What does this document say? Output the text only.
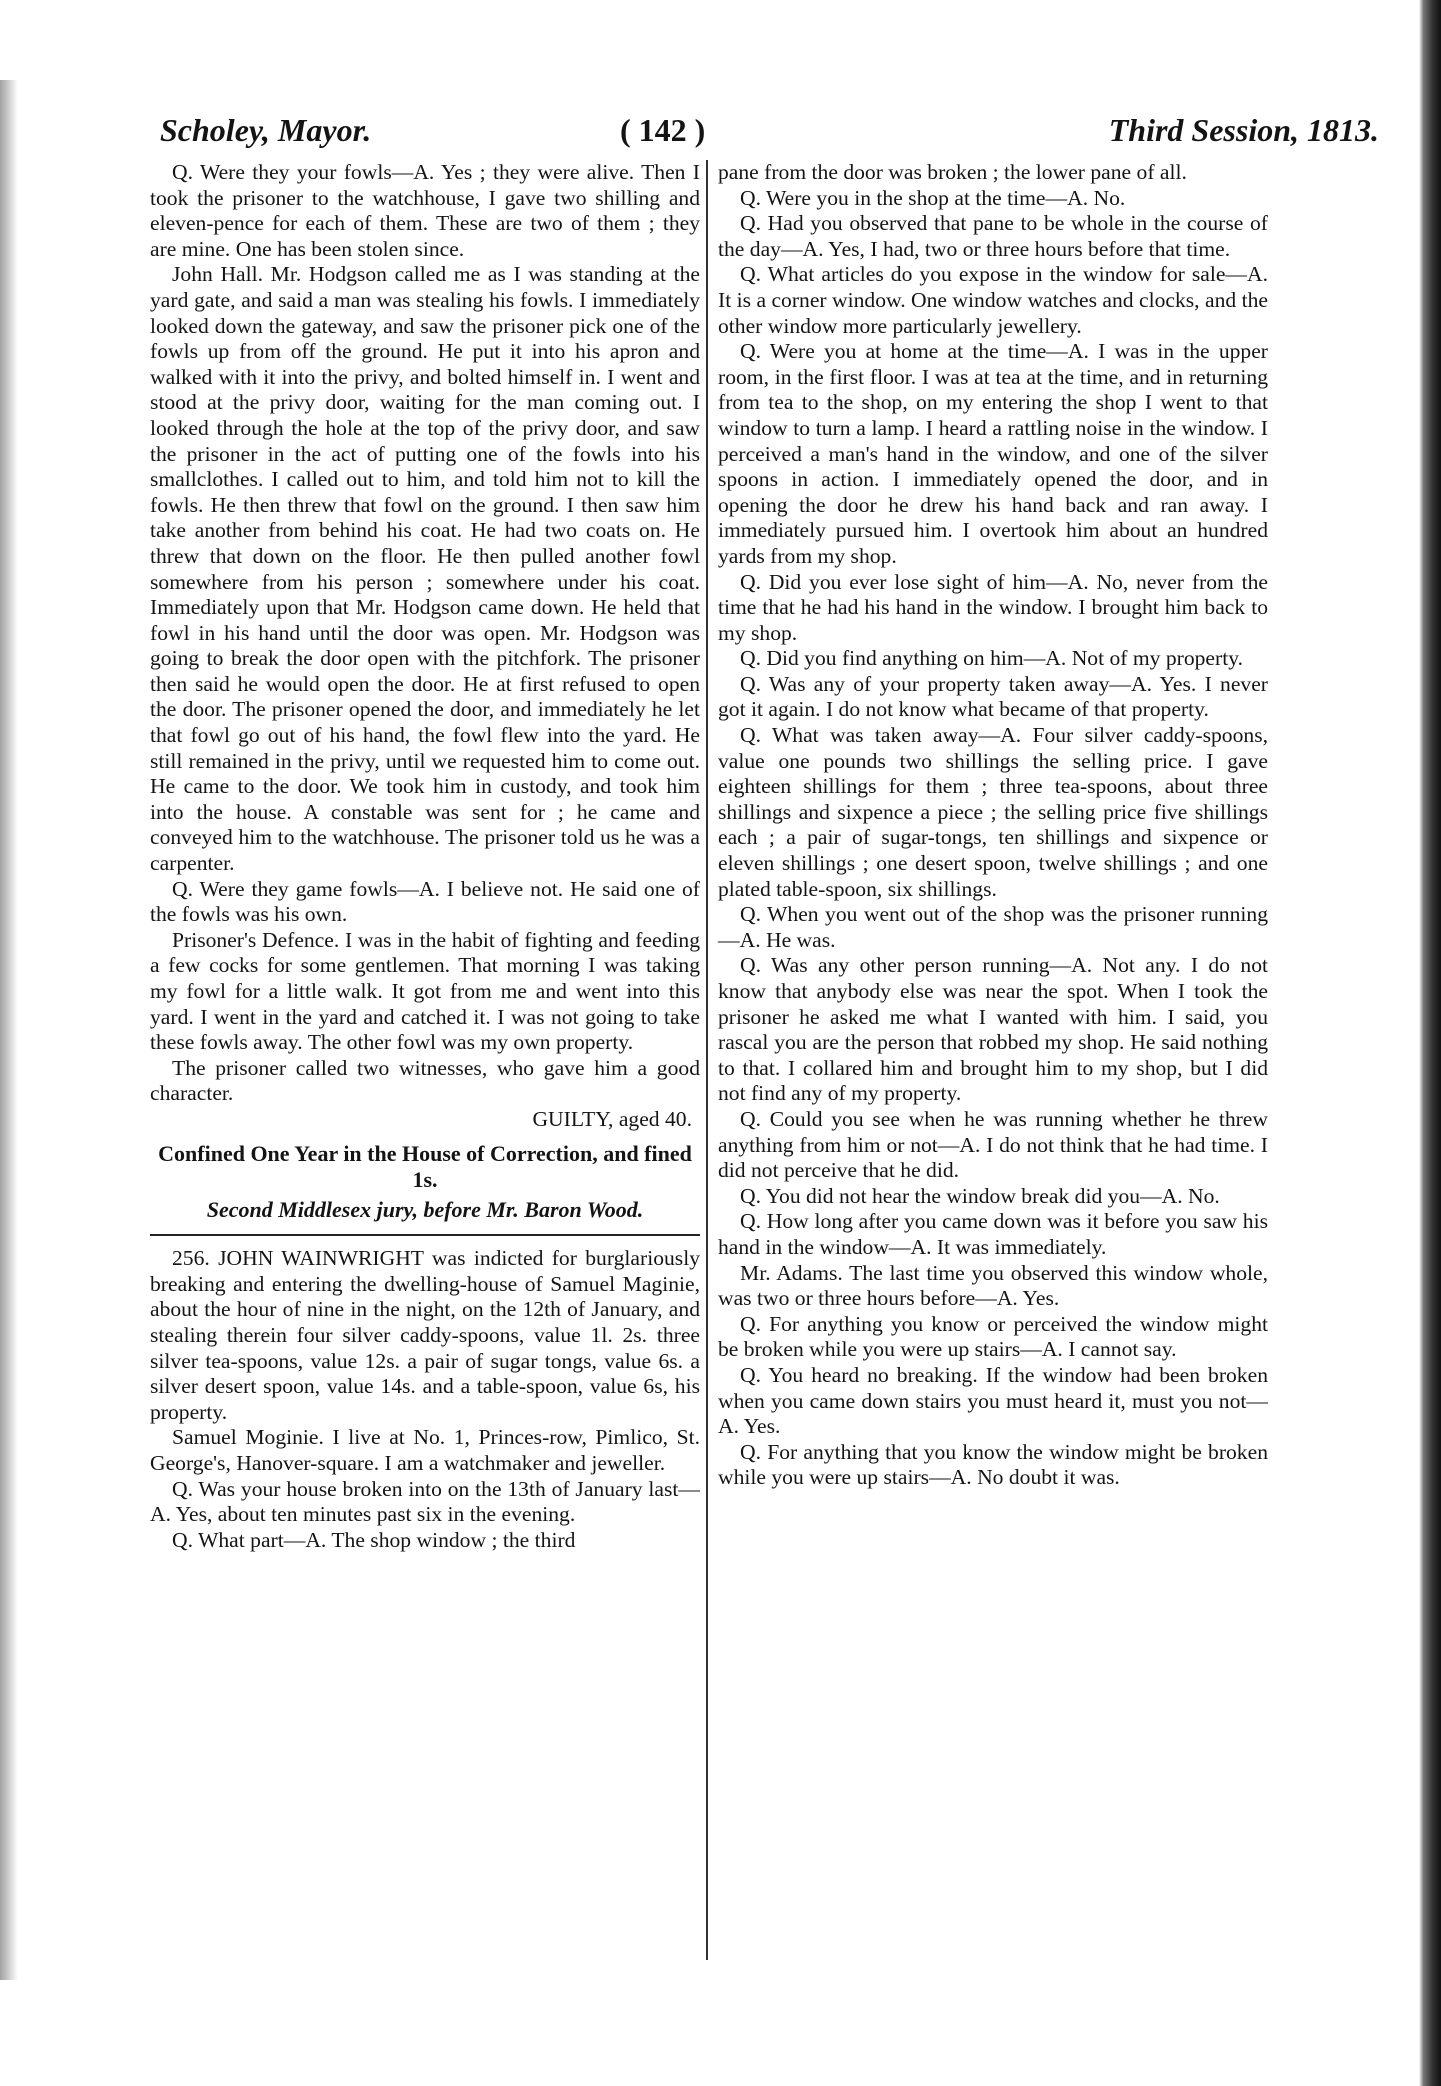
Scholey, Mayor.	( 142 )	Third Session, 1813.

Q. Were they your fowls—A. Yes ; they were alive. Then I took the prisoner to the watchhouse, I gave two shilling and eleven-pence for each of them. These are two of them ; they are mine. One has been stolen since.

John Hall. Mr. Hodgson called me as I was standing at the yard gate, and said a man was stealing his fowls. I immediately looked down the gateway, and saw the prisoner pick one of the fowls up from off the ground. He put it into his apron and walked with it into the privy, and bolted himself in. I went and stood at the privy door, waiting for the man coming out. I looked through the hole at the top of the privy door, and saw the prisoner in the act of putting one of the fowls into his smallclothes. I called out to him, and told him not to kill the fowls. He then threw that fowl on the ground. I then saw him take another from behind his coat. He had two coats on. He threw that down on the floor. He then pulled another fowl somewhere from his person ; somewhere under his coat. Immediately upon that Mr. Hodgson came down. He held that fowl in his hand until the door was open. Mr. Hodgson was going to break the door open with the pitchfork. The prisoner then said he would open the door. He at first refused to open the door. The prisoner opened the door, and immediately he let that fowl go out of his hand, the fowl flew into the yard. He still remained in the privy, until we requested him to come out. He came to the door. We took him in custody, and took him into the house. A constable was sent for ; he came and conveyed him to the watchhouse. The prisoner told us he was a carpenter.

Q. Were they game fowls—A. I believe not. He said one of the fowls was his own.

Prisoner's Defence. I was in the habit of fighting and feeding a few cocks for some gentlemen. That morning I was taking my fowl for a little walk. It got from me and went into this yard. I went in the yard and catched it. I was not going to take these fowls away. The other fowl was my own property.

The prisoner called two witnesses, who gave him a good character.

GUILTY, aged 40.

Confined One Year in the House of Correction, and fined 1s.

Second Middlesex jury, before Mr. Baron Wood.

256. JOHN WAINWRIGHT was indicted for burglariously breaking and entering the dwelling-house of Samuel Maginie, about the hour of nine in the night, on the 12th of January, and stealing therein four silver caddy-spoons, value 1l. 2s. three silver tea-spoons, value 12s. a pair of sugar tongs, value 6s. a silver desert spoon, value 14s. and a table-spoon, value 6s, his property.

Samuel Moginie. I live at No. 1, Princes-row, Pimlico, St. George's, Hanover-square. I am a watchmaker and jeweller.

Q. Was your house broken into on the 13th of January last—A. Yes, about ten minutes past six in the evening.

Q. What part—A. The shop window ; the third

pane from the door was broken ; the lower pane of all.

Q. Were you in the shop at the time—A. No.

Q. Had you observed that pane to be whole in the course of the day—A. Yes, I had, two or three hours before that time.

Q. What articles do you expose in the window for sale—A. It is a corner window. One window watches and clocks, and the other window more particularly jewellery.

Q. Were you at home at the time—A. I was in the upper room, in the first floor. I was at tea at the time, and in returning from tea to the shop, on my entering the shop I went to that window to turn a lamp. I heard a rattling noise in the window. I perceived a man's hand in the window, and one of the silver spoons in action. I immediately opened the door, and in opening the door he drew his hand back and ran away. I immediately pursued him. I overtook him about an hundred yards from my shop.

Q. Did you ever lose sight of him—A. No, never from the time that he had his hand in the window. I brought him back to my shop.

Q. Did you find anything on him—A. Not of my property.

Q. Was any of your property taken away—A. Yes. I never got it again. I do not know what became of that property.

Q. What was taken away—A. Four silver caddy-spoons, value one pounds two shillings the selling price. I gave eighteen shillings for them ; three tea-spoons, about three shillings and sixpence a piece ; the selling price five shillings each ; a pair of sugar-tongs, ten shillings and sixpence or eleven shillings ; one desert spoon, twelve shillings ; and one plated table-spoon, six shillings.

Q. When you went out of the shop was the prisoner running—A. He was.

Q. Was any other person running—A. Not any. I do not know that anybody else was near the spot. When I took the prisoner he asked me what I wanted with him. I said, you rascal you are the person that robbed my shop. He said nothing to that. I collared him and brought him to my shop, but I did not find any of my property.

Q. Could you see when he was running whether he threw anything from him or not—A. I do not think that he had time. I did not perceive that he did.

Q. You did not hear the window break did you—A. No.

Q. How long after you came down was it before you saw his hand in the window—A. It was immediately.

Mr. Adams. The last time you observed this window whole, was two or three hours before—A. Yes.

Q. For anything you know or perceived the window might be broken while you were up stairs—A. I cannot say.

Q. You heard no breaking. If the window had been broken when you came down stairs you must heard it, must you not—A. Yes.

Q. For anything that you know the window might be broken while you were up stairs—A. No doubt it was.
